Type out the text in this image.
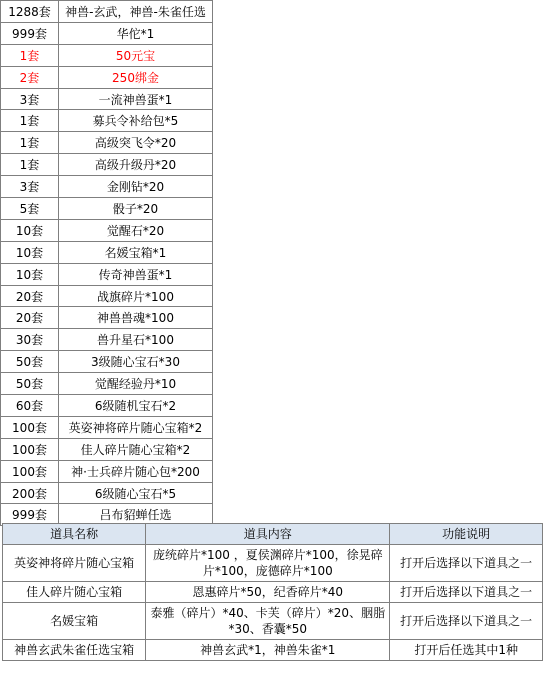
1288套	神兽-玄武，神兽-朱雀任选
999套	华佗*1
1套	50元宝
2套	250绑金
3套	一流神兽蛋*1
1套	募兵令补给包*5
1套	高级突飞令*20
1套	高级升级丹*20
3套	金刚钻*20
5套	骰子*20
10套	觉醒石*20
10套	名媛宝箱*1
10套	传奇神兽蛋*1
20套	战旗碎片*100
20套	神兽兽魂*100
30套	兽升星石*100
50套	3级随心宝石*30
50套	觉醒经验丹*10
60套	6级随机宝石*2
100套	英姿神将碎片随心宝箱*2
100套	佳人碎片随心宝箱*2
100套	神·士兵碎片随心包*200
200套	6级随心宝石*5
999套	吕布貂蝉任选
道具名称	道具内容	功能说明
英姿神将碎片随心宝箱	庞统碎片*100 ，夏侯渊碎片*100，徐晃碎片*100，庞德碎片*100	打开后选择以下道具之一
佳人碎片随心宝箱	恩惠碎片*50，纪香碎片*40	打开后选择以下道具之一
名媛宝箱	泰雅（碎片）*40、卡芙（碎片）*20、胭脂*30、香囊*50	打开后选择以下道具之一
神兽玄武朱雀任选宝箱	神兽玄武*1，神兽朱雀*1	打开后任选其中1种
